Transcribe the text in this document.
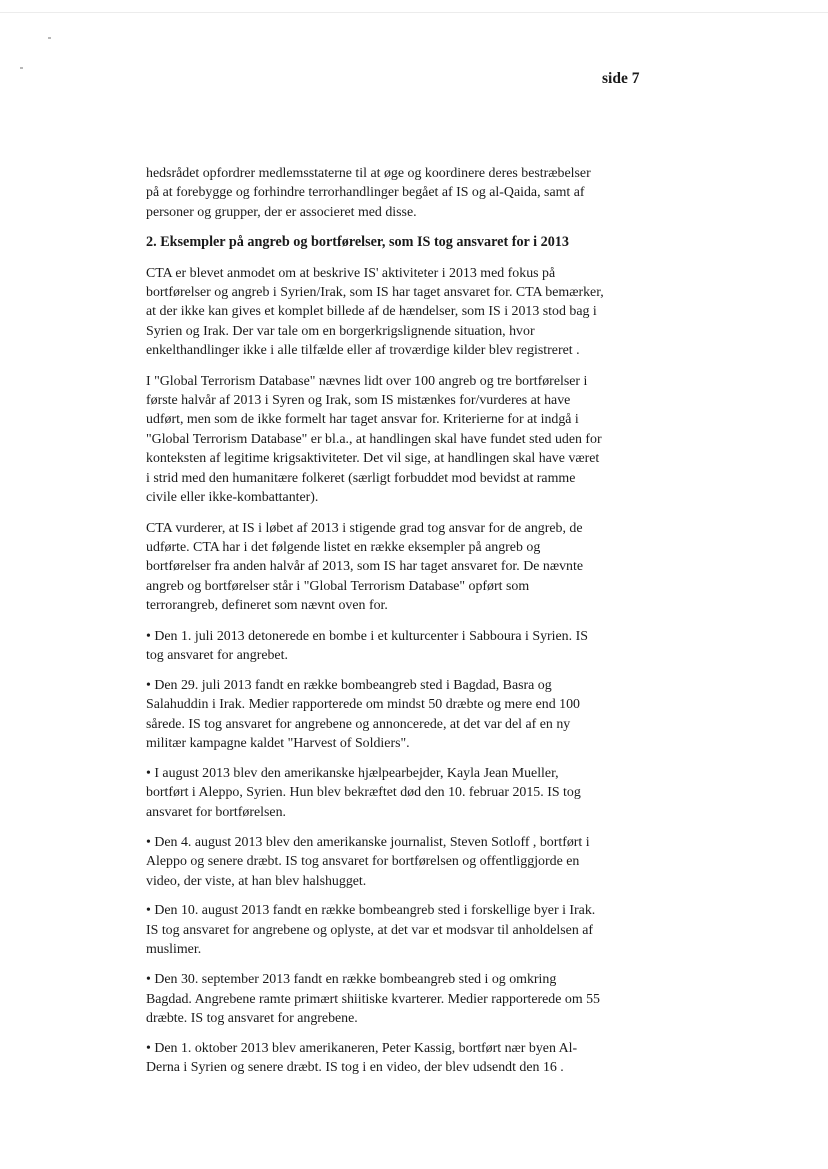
side 7

hedsrådet opfordrer medlemsstaterne til at øge og koordinere deres bestræbelser på at forebygge og forhindre terrorhandlinger begået af IS og al-Qaida, samt af personer og grupper, der er associeret med disse.

2. Eksempler på angreb og bortførelser, som IS tog ansvaret for i 2013

CTA er blevet anmodet om at beskrive IS' aktiviteter i 2013 med fokus på bortførelser og angreb i Syrien/Irak, som IS har taget ansvaret for. CTA bemærker, at der ikke kan gives et komplet billede af de hændelser, som IS i 2013 stod bag i Syrien og Irak. Der var tale om en borgerkrigslignende situation, hvor enkelthandlinger ikke i alle tilfælde eller af troværdige kilder blev registreret .

I "Global Terrorism Database" nævnes lidt over 100 angreb og tre bortførelser i første halvår af 2013 i Syren og Irak, som IS mistænkes for/vurderes at have udført, men som de ikke formelt har taget ansvar for. Kriterierne for at indgå i "Global Terrorism Database" er bl.a., at handlingen skal have fundet sted uden for konteksten af legitime krigsaktiviteter. Det vil sige, at handlingen skal have været i strid med den humanitære folkeret (særligt forbuddet mod bevidst at ramme civile eller ikke-kombattanter).

CTA vurderer, at IS i løbet af 2013 i stigende grad tog ansvar for de angreb, de udførte. CTA har i det følgende listet en række eksempler på angreb og bortførelser fra anden halvår af 2013, som IS har taget ansvaret for. De nævnte angreb og bortførelser står i "Global Terrorism Database" opført som terrorangreb, defineret som nævnt oven for.

• Den 1. juli 2013 detonerede en bombe i et kulturcenter i Sabboura i Syrien. IS tog ansvaret for angrebet.

• Den 29. juli 2013 fandt en række bombeangreb sted i Bagdad, Basra og Salahuddin i Irak. Medier rapporterede om mindst 50 dræbte og mere end 100 sårede. IS tog ansvaret for angrebene og annoncerede, at det var del af en ny militær kampagne kaldet "Harvest of Soldiers".

• I august 2013 blev den amerikanske hjælpearbejder, Kayla Jean Mueller, bortført i Aleppo, Syrien. Hun blev bekræftet død den 10. februar 2015. IS tog ansvaret for bortførelsen.

• Den 4. august 2013 blev den amerikanske journalist, Steven Sotloff , bortført i Aleppo og senere dræbt. IS tog ansvaret for bortførelsen og offentliggjorde en video, der viste, at han blev halshugget.

• Den 10. august 2013 fandt en række bombeangreb sted i forskellige byer i Irak. IS tog ansvaret for angrebene og oplyste, at det var et modsvar til anholdelsen af muslimer.

• Den 30. september 2013 fandt en række bombeangreb sted i og omkring Bagdad. Angrebene ramte primært shiitiske kvarterer. Medier rapporterede om 55 dræbte. IS tog ansvaret for angrebene.

• Den 1. oktober 2013 blev amerikaneren, Peter Kassig, bortført nær byen Al-Derna i Syrien og senere dræbt. IS tog i en video, der blev udsendt den 16 .
